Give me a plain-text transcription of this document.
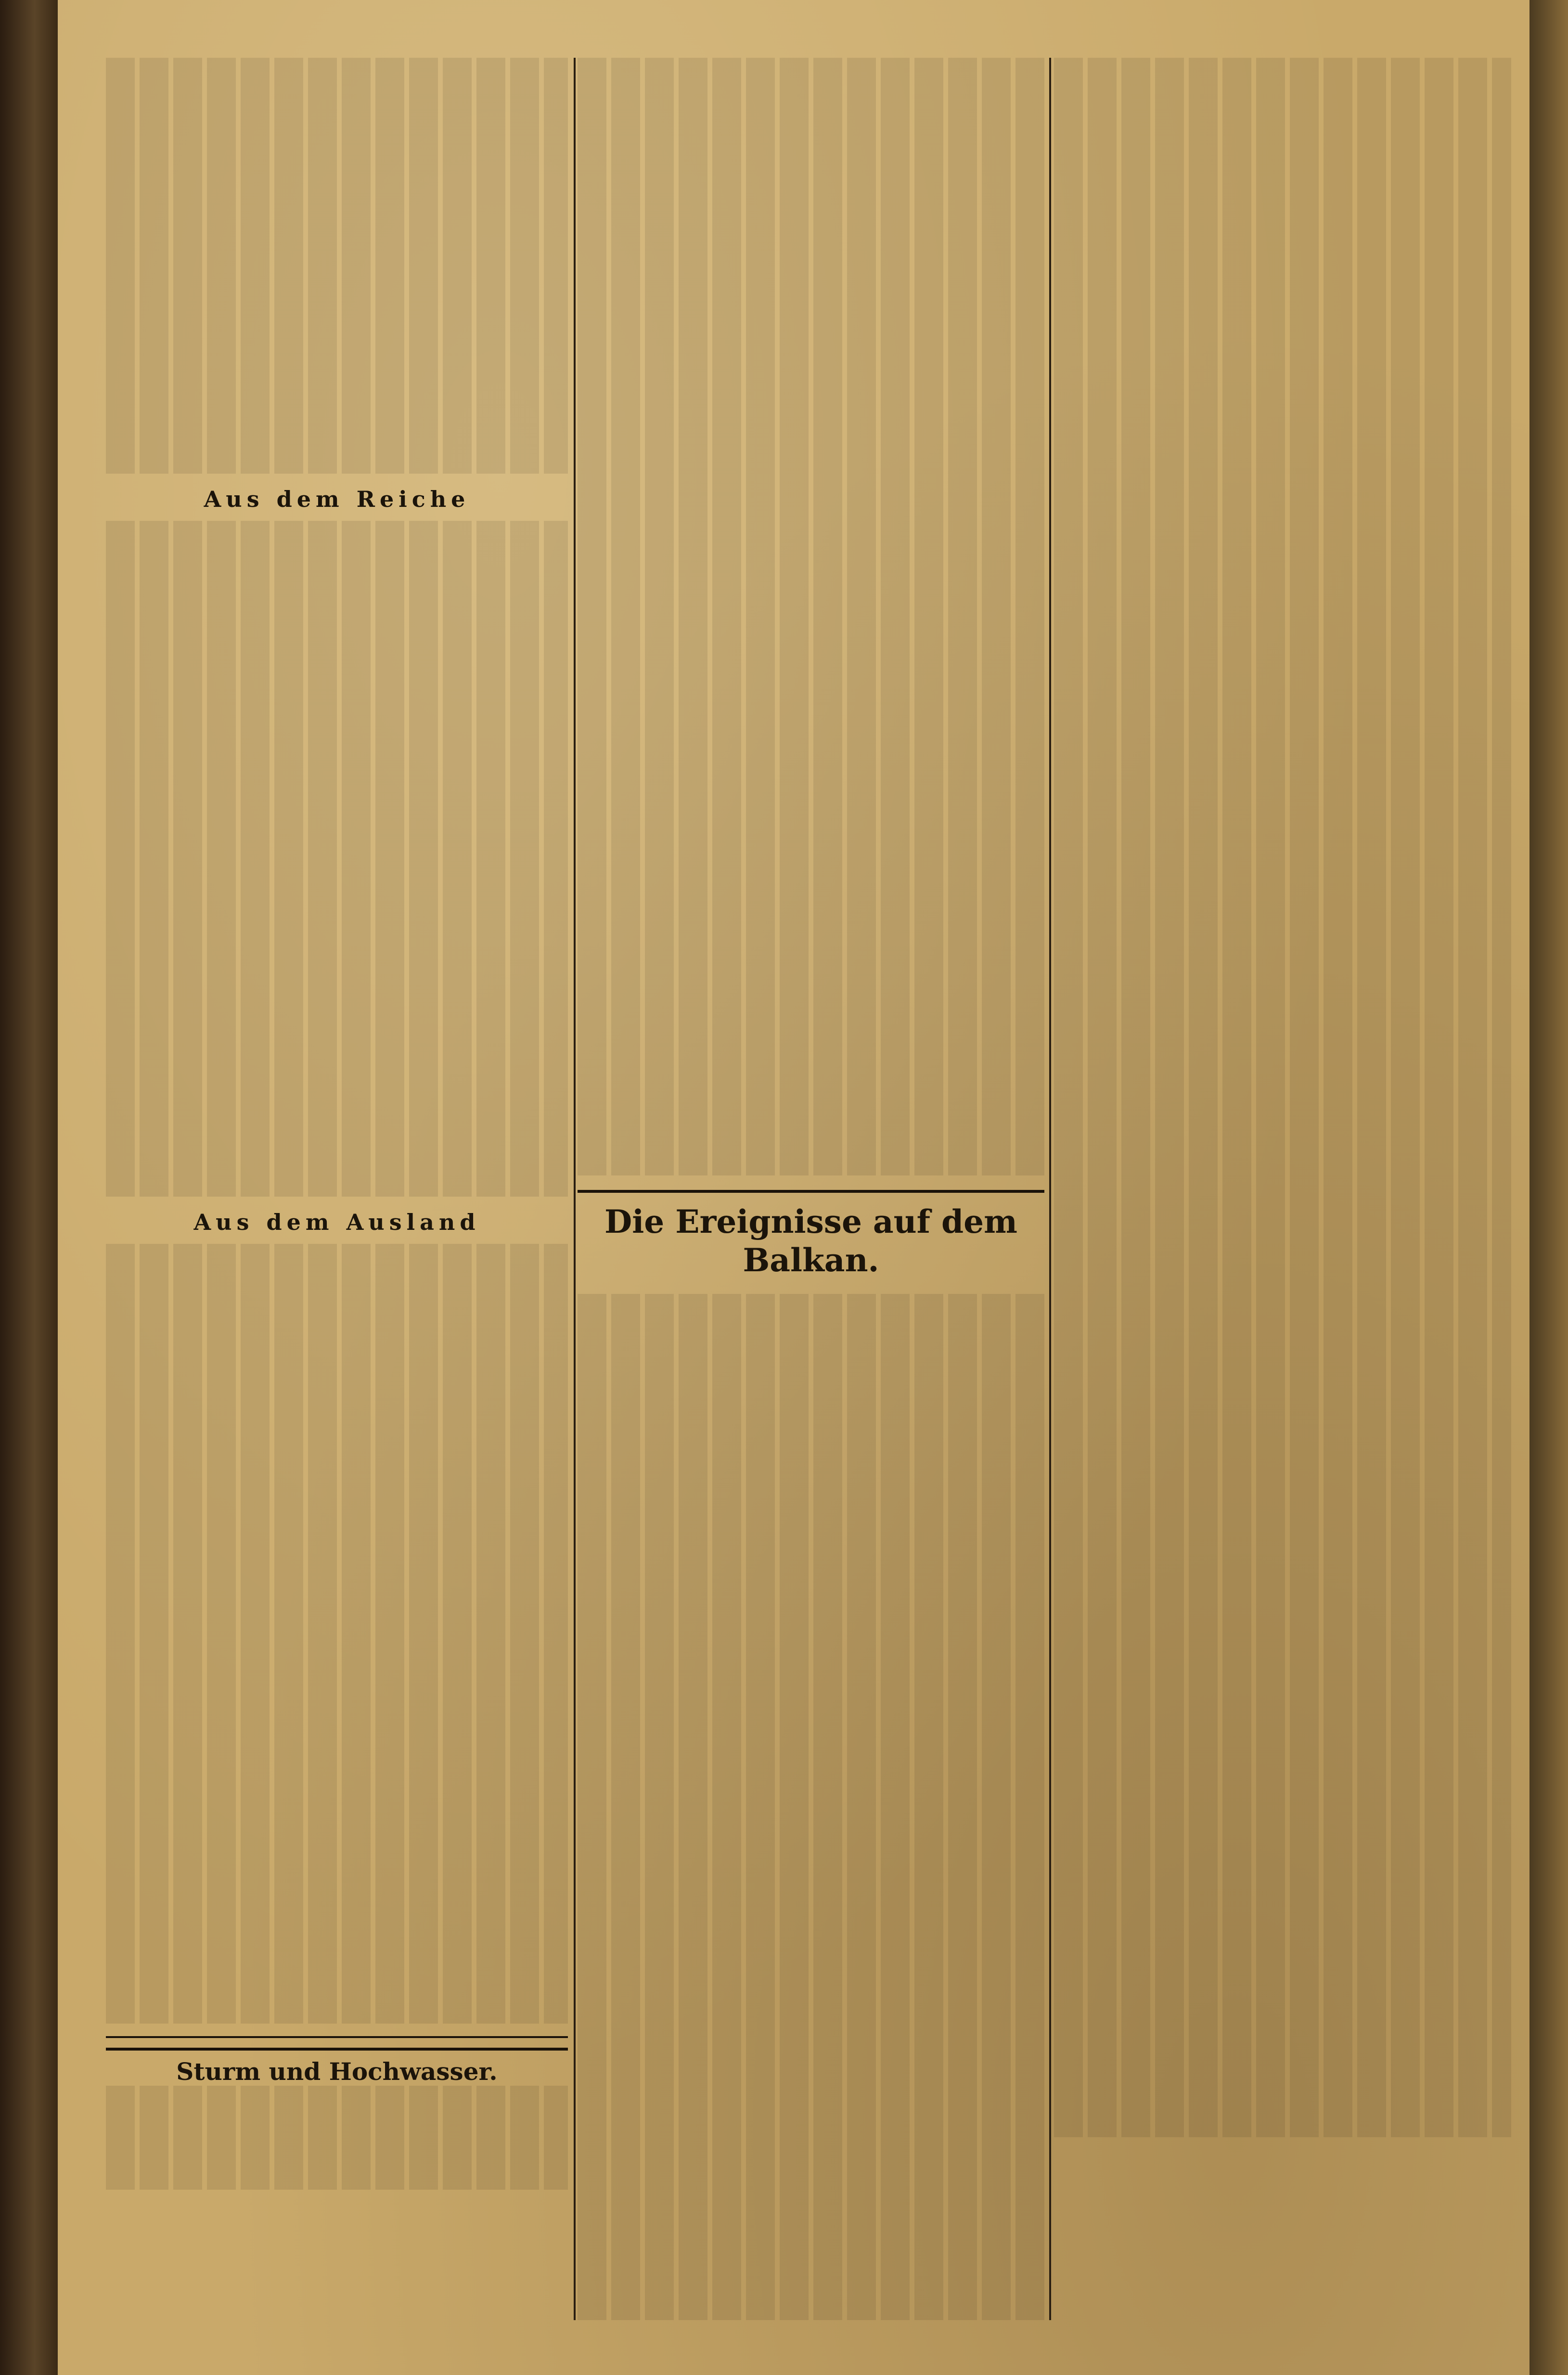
Aus dem Reiche
Aus dem Ausland
Sturm und Hochwasser.
Die Ereignisse auf dem Balkan.
